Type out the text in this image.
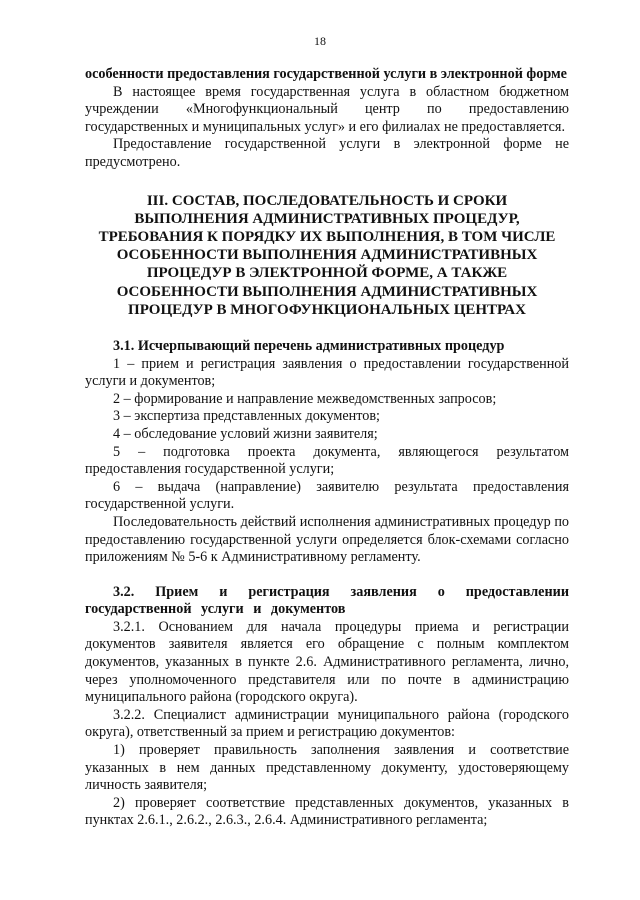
18

особенности предоставления государственной услуги в электронной форме

В настоящее время государственная услуга в областном бюджетном учреждении «Многофункциональный центр по предоставлению государственных и муниципальных услуг» и его филиалах не предоставляется.

Предоставление государственной услуги в электронной форме не предусмотрено.

III. СОСТАВ, ПОСЛЕДОВАТЕЛЬНОСТЬ И СРОКИ ВЫПОЛНЕНИЯ АДМИНИСТРАТИВНЫХ ПРОЦЕДУР, ТРЕБОВАНИЯ К ПОРЯДКУ ИХ ВЫПОЛНЕНИЯ, В ТОМ ЧИСЛЕ ОСОБЕННОСТИ ВЫПОЛНЕНИЯ АДМИНИСТРАТИВНЫХ ПРОЦЕДУР В ЭЛЕКТРОННОЙ ФОРМЕ, А ТАКЖЕ ОСОБЕННОСТИ ВЫПОЛНЕНИЯ АДМИНИСТРАТИВНЫХ ПРОЦЕДУР В МНОГОФУНКЦИОНАЛЬНЫХ ЦЕНТРАХ

3.1. Исчерпывающий перечень административных процедур

1 – прием и регистрация заявления о предоставлении государственной услуги и документов;

2 – формирование и направление межведомственных запросов;

3 – экспертиза представленных документов;

4 – обследование условий жизни заявителя;

5 – подготовка проекта документа, являющегося результатом предоставления государственной услуги;

6 – выдача (направление) заявителю результата предоставления государственной услуги.

Последовательность действий исполнения административных процедур по предоставлению государственной услуги определяется блок-схемами согласно приложениям № 5-6 к Административному регламенту.

3.2. Прием и регистрация заявления о предоставлении государственной услуги и документов

3.2.1. Основанием для начала процедуры приема и регистрации документов заявителя является его обращение с полным комплектом документов, указанных в пункте 2.6. Административного регламента, лично, через уполномоченного представителя или по почте в администрацию муниципального района (городского округа).

3.2.2. Специалист администрации муниципального района (городского округа), ответственный за прием и регистрацию документов:

1) проверяет правильность заполнения заявления и соответствие указанных в нем данных представленному документу, удостоверяющему личность заявителя;

2) проверяет соответствие представленных документов, указанных в пунктах 2.6.1., 2.6.2., 2.6.3., 2.6.4. Административного регламента;
